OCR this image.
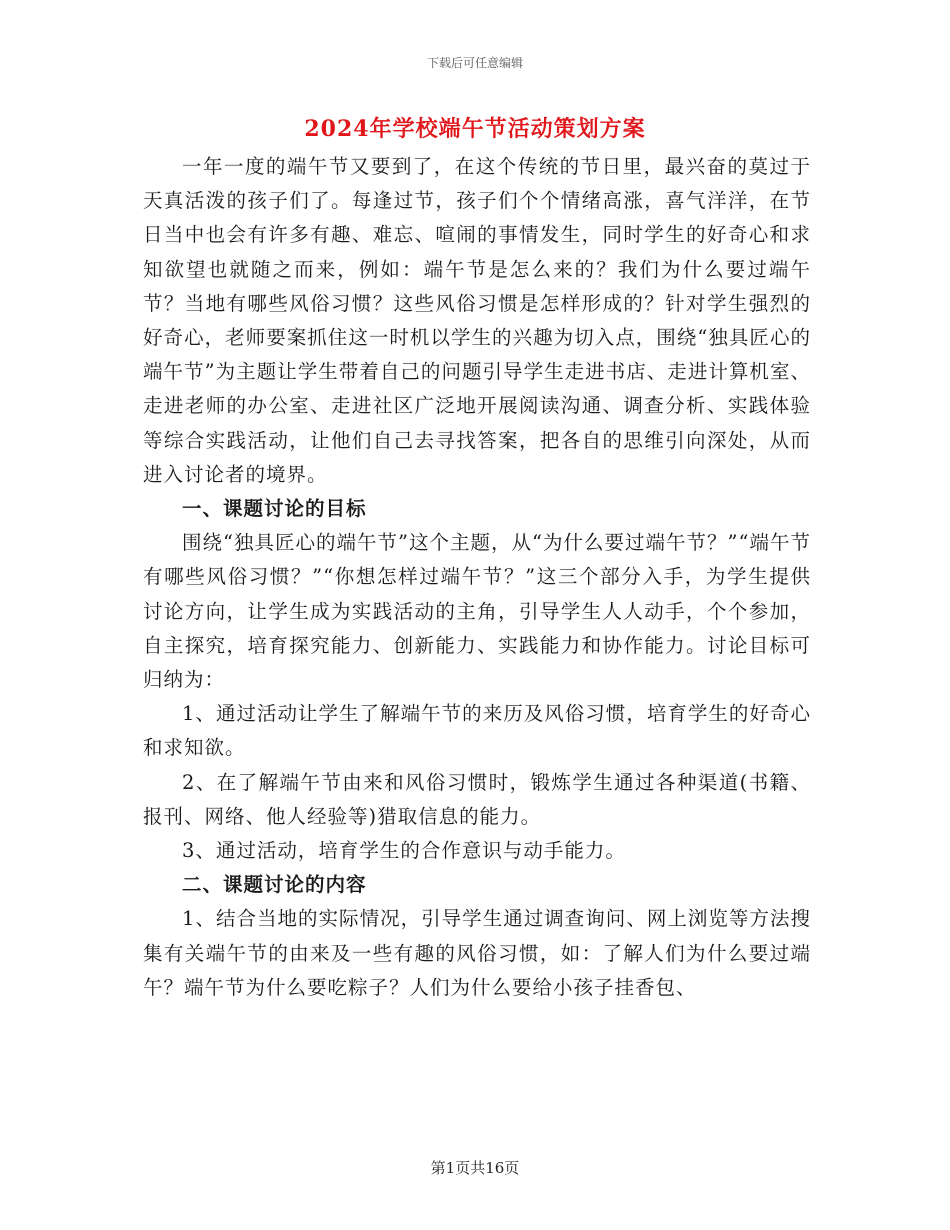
下载后可任意编辑
2024年学校端午节活动策划方案

一年一度的端午节又要到了，在这个传统的节日里，最兴奋的莫过于天真活泼的孩子们了。每逢过节，孩子们个个情绪高涨，喜气洋洋，在节日当中也会有许多有趣、难忘、喧闹的事情发生，同时学生的好奇心和求知欲望也就随之而来，例如：端午节是怎么来的？我们为什么要过端午节？当地有哪些风俗习惯？这些风俗习惯是怎样形成的？针对学生强烈的好奇心，老师要案抓住这一时机以学生的兴趣为切入点，围绕“独具匠心的端午节”为主题让学生带着自己的问题引导学生走进书店、走进计算机室、走进老师的办公室、走进社区广泛地开展阅读沟通、调查分析、实践体验等综合实践活动，让他们自己去寻找答案，把各自的思维引向深处，从而进入讨论者的境界。

一、课题讨论的目标

围绕“独具匠心的端午节”这个主题，从“为什么要过端午节？”“端午节有哪些风俗习惯？”“你想怎样过端午节？”这三个部分入手，为学生提供讨论方向，让学生成为实践活动的主角，引导学生人人动手，个个参加，自主探究，培育探究能力、创新能力、实践能力和协作能力。讨论目标可归纳为：

1、通过活动让学生了解端午节的来历及风俗习惯，培育学生的好奇心和求知欲。

2、在了解端午节由来和风俗习惯时，锻炼学生通过各种渠道(书籍、报刊、网络、他人经验等)猎取信息的能力。

3、通过活动，培育学生的合作意识与动手能力。

二、课题讨论的内容

1、结合当地的实际情况，引导学生通过调查询问、网上浏览等方法搜集有关端午节的由来及一些有趣的风俗习惯，如：了解人们为什么要过端午？端午节为什么要吃粽子？人们为什么要给小孩子挂香包、

第1页共16页
